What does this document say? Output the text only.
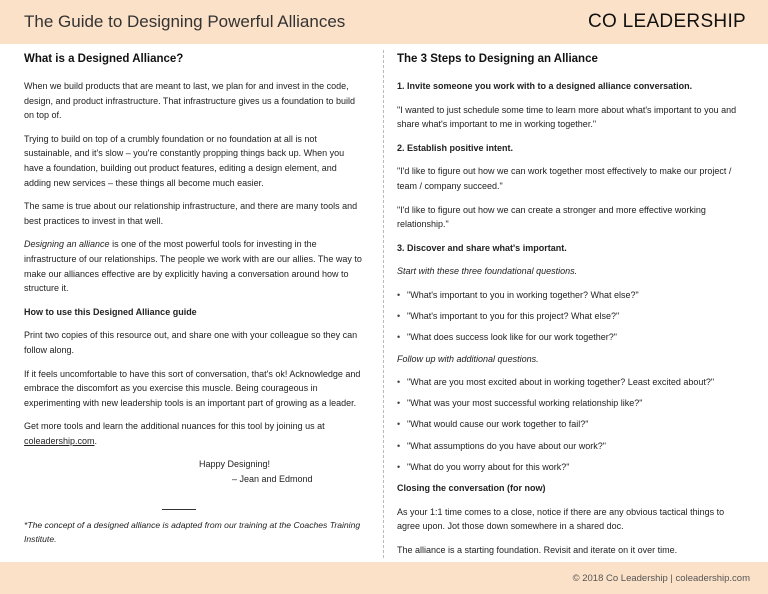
The Guide to Designing Powerful Alliances	CO LEADERSHIP
What is a Designed Alliance?

When we build products that are meant to last, we plan for and invest in the code, design, and product infrastructure. That infrastructure gives us a foundation to build on top of.

Trying to build on top of a crumbly foundation or no foundation at all is not sustainable, and it's slow – you're constantly propping things back up. When you have a foundation, building out product features, editing a design element, and adding new services – these things all become much easier.

The same is true about our relationship infrastructure, and there are many tools and best practices to invest in that well.

Designing an alliance is one of the most powerful tools for investing in the infrastructure of our relationships. The people we work with are our allies. The way to make our alliances effective are by explicitly having a conversation around how to structure it.

How to use this Designed Alliance guide

Print two copies of this resource out, and share one with your colleague so they can follow along.

If it feels uncomfortable to have this sort of conversation, that's ok! Acknowledge and embrace the discomfort as you exercise this muscle. Being courageous in experimenting with new leadership tools is an important part of growing as a leader.

Get more tools and learn the additional nuances for this tool by joining us at coleadership.com.

Happy Designing!
– Jean and Edmond

*The concept of a designed alliance is adapted from our training at the Coaches Training Institute.

The 3 Steps to Designing an Alliance

1. Invite someone you work with to a designed alliance conversation.

"I wanted to just schedule some time to learn more about what's important to you and share what's important to me in working together."

2. Establish positive intent.

"I'd like to figure out how we can work together most effectively to make our project / team / company succeed."

"I'd like to figure out how we can create a stronger and more effective working relationship."

3. Discover and share what's important.

Start with these three foundational questions.

• "What's important to you in working together? What else?"
• "What's important to you for this project? What else?"
• "What does success look like for our work together?"

Follow up with additional questions.

• "What are you most excited about in working together? Least excited about?"
• "What was your most successful working relationship like?"
• "What would cause our work together to fail?"
• "What assumptions do you have about our work?"
• "What do you worry about for this work?"

Closing the conversation (for now)

As your 1:1 time comes to a close, notice if there are any obvious tactical things to agree upon. Jot those down somewhere in a shared doc.

The alliance is a starting foundation. Revisit and iterate on it over time.

© 2018 Co Leadership | coleadership.com
